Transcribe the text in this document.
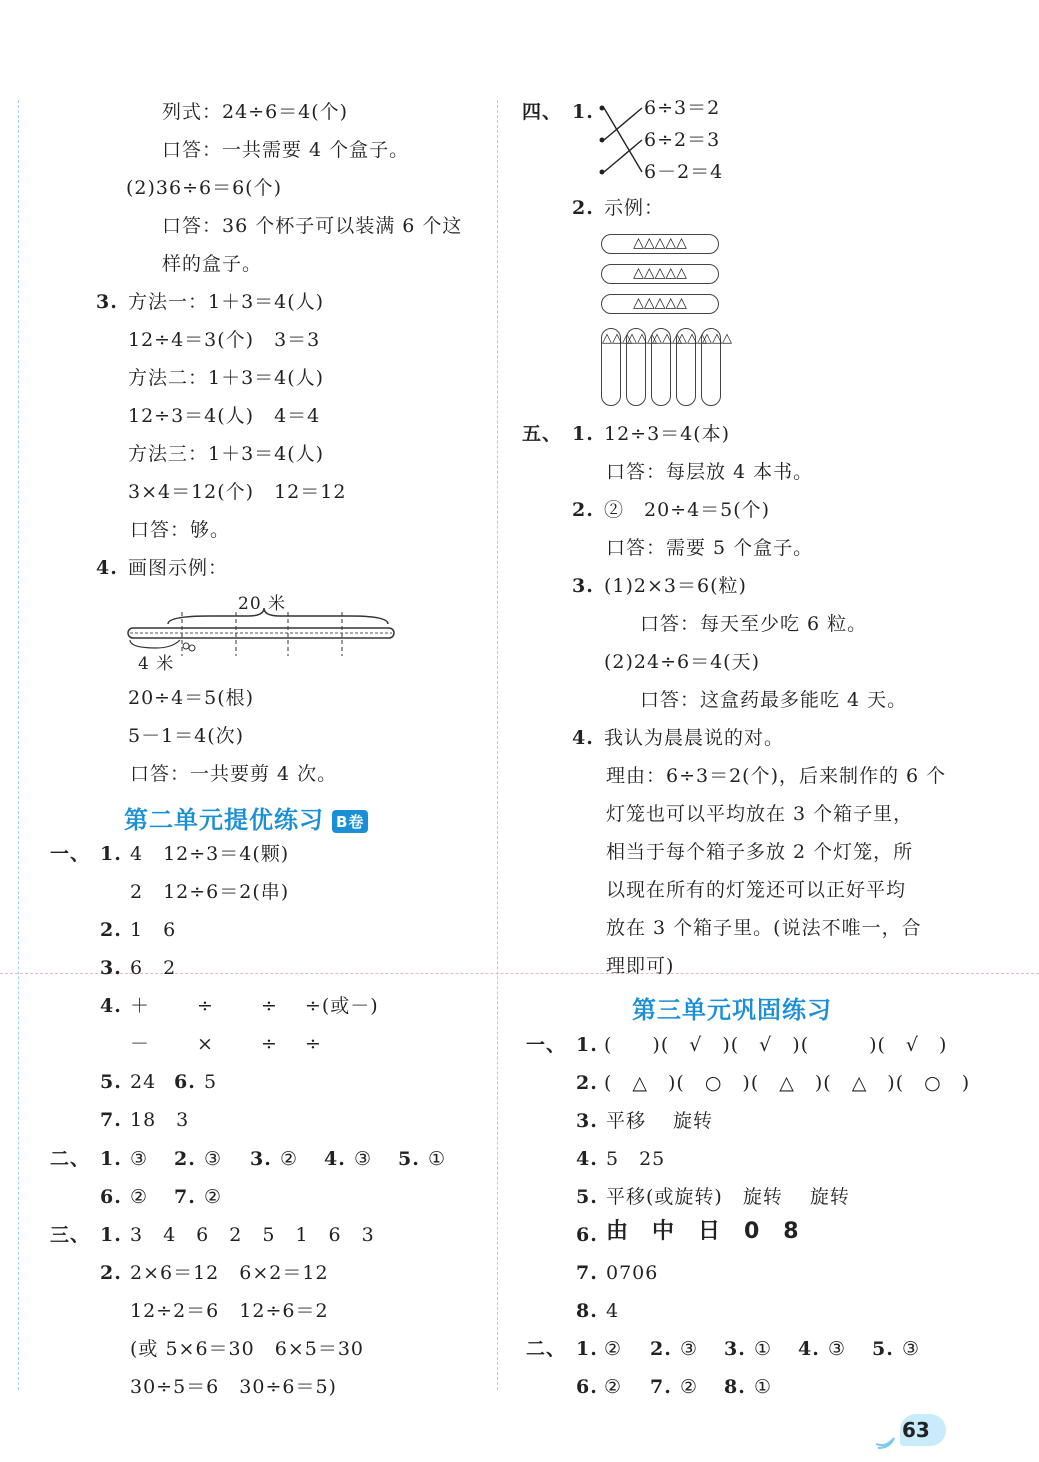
列式：24÷6＝4(个)
口答：一共需要 4 个盒子。
(2)36÷6＝6(个)
口答：36 个杯子可以装满 6 个这
样的盒子。
3. 方法一：1＋3＝4(人)
12÷4＝3(个)　3＝3
方法二：1＋3＝4(人)
12÷3＝4(人)　4＝4
方法三：1＋3＝4(人)
3×4＝12(个)　12＝12
口答：够。
4. 画图示例：
20 米
4 米
20÷4＝5(根)
5－1＝4(次)
口答：一共要剪 4 次。
第二单元提优练习 B卷
一、 1. 4　12÷3＝4(颗)
2　12÷6＝2(串)
2. 1　6
3. 6　2
4. ＋　　 ÷　　 ÷　 ÷(或－)
－　　 ×　　 ÷　 ÷
5. 24 6. 5
7. 18　3
二、 1. ③ 2. ③ 3. ② 4. ③ 5. ①
6. ② 7. ②
三、 1. 3　4　6　2　5　1　6　3
2. 2×6＝12　6×2＝12
12÷2＝6　12÷6＝2
(或 5×6＝30　6×5＝30
30÷5＝6　30÷6＝5)
四、 1.	6÷3＝2
6÷2＝3
6－2＝4
2. 示例：
△△△△△
△△△△△
△△△△△
△△△
△△△
△△△
△△△
△△△
五、 1. 12÷3＝4(本)
口答：每层放 4 本书。
2. ②　20÷4＝5(个)
口答：需要 5 个盒子。
3. (1)2×3＝6(粒)
口答：每天至少吃 6 粒。
(2)24÷6＝4(天)
口答：这盒药最多能吃 4 天。
4. 我认为晨晨说的对。
理由：6÷3＝2(个)，后来制作的 6 个
灯笼也可以平均放在 3 个箱子里，
相当于每个箱子多放 2 个灯笼，所
以现在所有的灯笼还可以正好平均
放在 3 个箱子里。(说法不唯一，合
理即可)
第三单元巩固练习
一、 1. (　　)(　√　)(　√　)(　　　)(　√　)
2. (　△　)(　○　)(　△　)(　△　)(　○　)
3. 平移　 旋转
4. 5　25
5. 平移(或旋转)　旋转　 旋转
6. 由　中　日　0　8
7. 0706
8. 4
二、 1. ② 2. ③ 3. ① 4. ③ 5. ③
6. ② 7. ② 8. ①
63
